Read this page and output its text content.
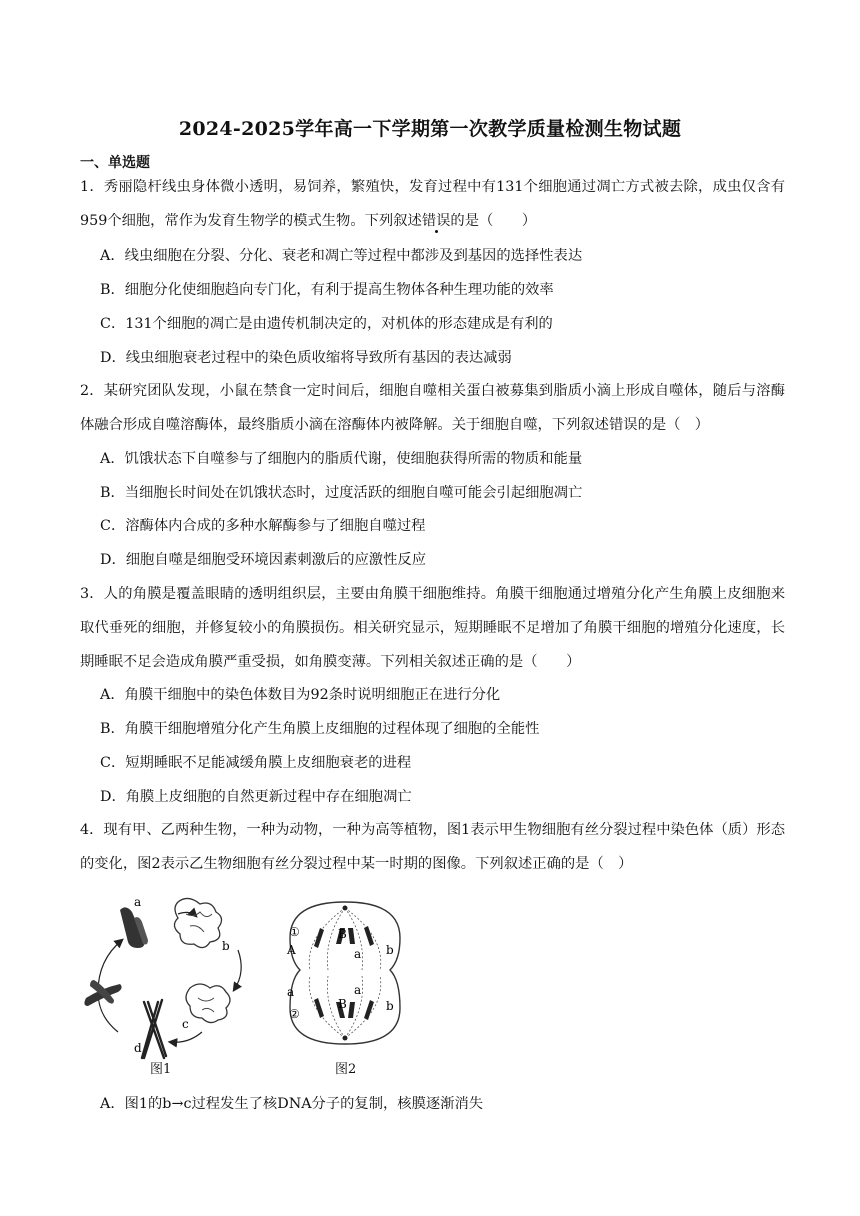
2024-2025学年高一下学期第一次教学质量检测生物试题
一、单选题
1．秀丽隐杆线虫身体微小透明，易饲养，繁殖快，发育过程中有131个细胞通过凋亡方式被去除，成虫仅含有959个细胞，常作为发育生物学的模式生物。下列叙述错误的是（　　）
A．线虫细胞在分裂、分化、衰老和凋亡等过程中都涉及到基因的选择性表达
B．细胞分化使细胞趋向专门化，有利于提高生物体各种生理功能的效率
C．131个细胞的凋亡是由遗传机制决定的，对机体的形态建成是有利的
D．线虫细胞衰老过程中的染色质收缩将导致所有基因的表达减弱
2．某研究团队发现，小鼠在禁食一定时间后，细胞自噬相关蛋白被募集到脂质小滴上形成自噬体，随后与溶酶体融合形成自噬溶酶体，最终脂质小滴在溶酶体内被降解。关于细胞自噬，下列叙述错误的是（　）
A．饥饿状态下自噬参与了细胞内的脂质代谢，使细胞获得所需的物质和能量
B．当细胞长时间处在饥饿状态时，过度活跃的细胞自噬可能会引起细胞凋亡
C．溶酶体内合成的多种水解酶参与了细胞自噬过程
D．细胞自噬是细胞受环境因素刺激后的应激性反应
3．人的角膜是覆盖眼睛的透明组织层，主要由角膜干细胞维持。角膜干细胞通过增殖分化产生角膜上皮细胞来取代垂死的细胞，并修复较小的角膜损伤。相关研究显示，短期睡眠不足增加了角膜干细胞的增殖分化速度，长期睡眠不足会造成角膜严重受损，如角膜变薄。下列相关叙述正确的是（　　）
A．角膜干细胞中的染色体数目为92条时说明细胞正在进行分化
B．角膜干细胞增殖分化产生角膜上皮细胞的过程体现了细胞的全能性
C．短期睡眠不足能减缓角膜上皮细胞衰老的进程
D．角膜上皮细胞的自然更新过程中存在细胞凋亡
4．现有甲、乙两种生物，一种为动物，一种为高等植物，图1表示甲生物细胞有丝分裂过程中染色体（质）形态的变化，图2表示乙生物细胞有丝分裂过程中某一时期的图像。下列叙述正确的是（　）
a
b
c
d
图1
①
A
B
a b
a
B	b
②
a
图2
A．图1的b→c过程发生了核DNA分子的复制，核膜逐渐消失
